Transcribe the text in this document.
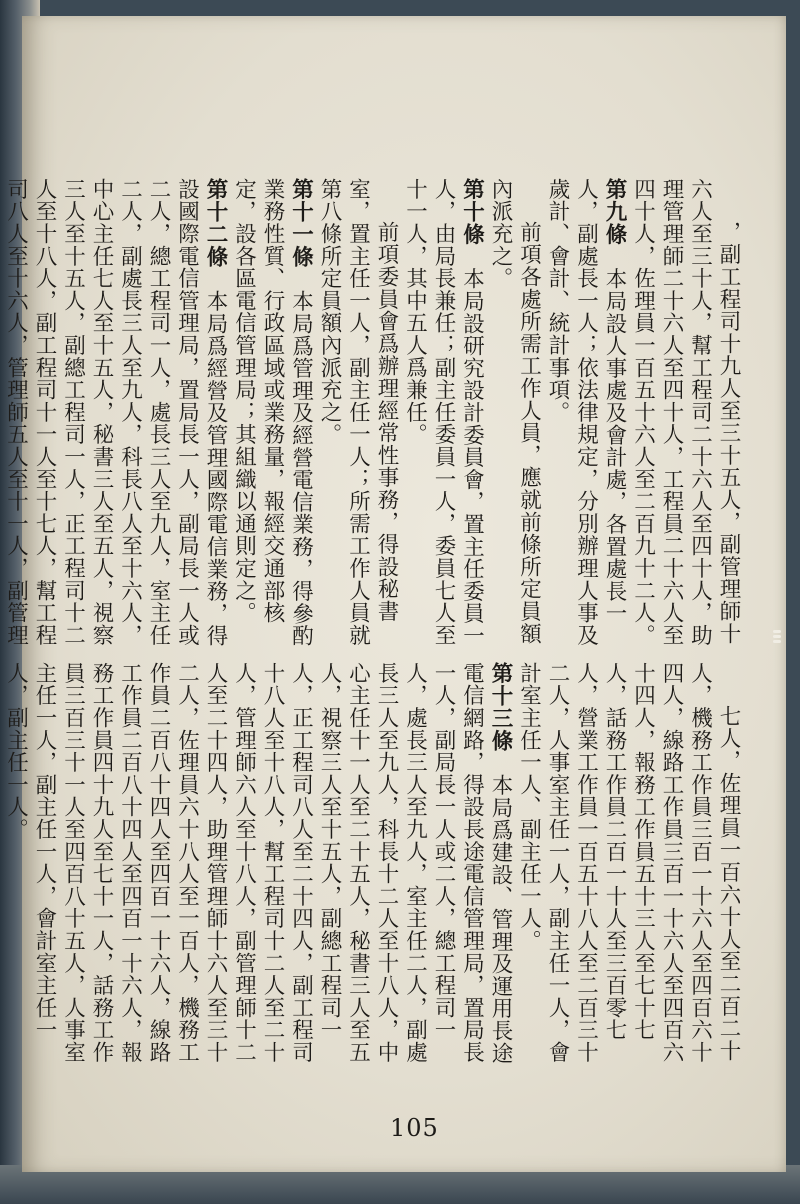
，副工程司十九人至三十五人，副管理師十六人至三十人，幫工程司二十六人至四十人，助理管理師二十六人至四十人，工程員二十六人至四十人，佐理員一百五十六人至二百九十二人。

第九條　本局設人事處及會計處，各置處長一人，副處長一人；依法律規定，分別辦理人事及歲計、會計、統計事項。

前項各處所需工作人員，應就前條所定員額內派充之。

第十條　本局設研究設計委員會，置主任委員一人，由局長兼任；副主任委員一人，委員七人至十一人，其中五人爲兼任。

前項委員會爲辦理經常性事務，得設秘書室，置主任一人，副主任一人；所需工作人員就第八條所定員額內派充之。

第十一條　本局爲管理及經營電信業務，得參酌業務性質、行政區域或業務量，報經交通部核定，設各區電信管理局；其組織以通則定之。

第十二條　本局爲經營及管理國際電信業務，得設國際電信管理局，置局長一人，副局長一人或二人，總工程司一人，處長三人至九人，室主任二人，副處長三人至九人，科長八人至十六人，中心主任七人至十五人，秘書三人至五人，視察三人至十五人，副總工程司一人，正工程司十二人至十八人，副工程司十一人至十七人，幫工程司八人至十六人，管理師五人至十一人，副管理

七人，佐理員一百六十人至二百二十人，機務工作員三百一十六人至四百六十四人，線路工作員三百一十六人至四百六十四人，報務工作員五十三人至七十七人，話務工作員二百一十人至三百零七人，營業工作員一百五十八人至二百三十二人，人事室主任一人，副主任一人，會計室主任一人、副主任一人。

第十三條　本局爲建設、管理及運用長途電信網路，得設長途電信管理局，置局長一人，副局長一人或二人，總工程司一人，處長三人至九人，室主任二人，副處長三人至九人，科長十二人至十八人，中心主任十一人至二十五人，秘書三人至五人，視察三人至十五人，副總工程司一人，正工程司八人至二十四人，副工程司十八人至十八人，幫工程司十二人至二十人，管理師六人至十八人，副管理師十二人至二十四人，助理管理師十六人至三十二人，佐理員六十八人至一百人，機務工作員二百八十四人至四百一十六人，線路工作員二百八十四人至四百一十六人，報務工作員四十九人至七十一人，話務工作員三百三十一人至四百八十五人，人事室主任一人，副主任一人，會計室主任一人，副主任一人。

105
